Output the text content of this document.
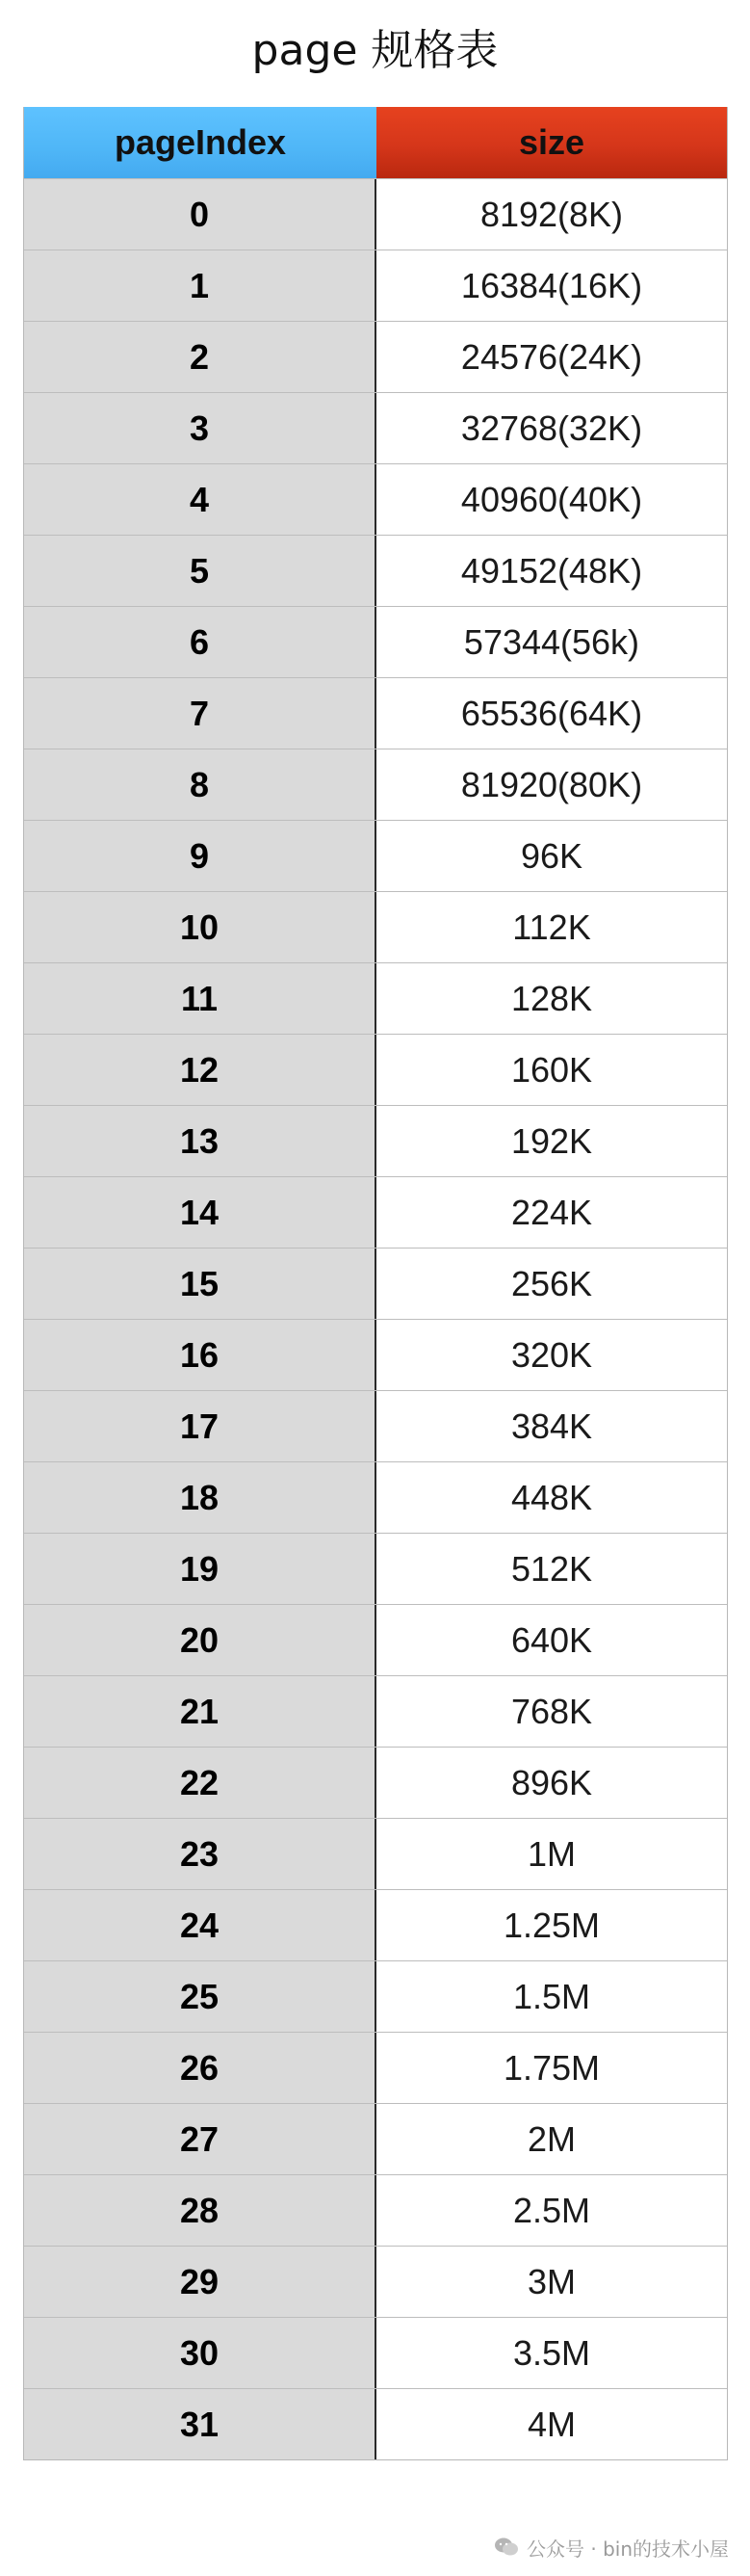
page 规格表
pageIndex	size
0	8192(8K)
1	16384(16K)
2	24576(24K)
3	32768(32K)
4	40960(40K)
5	49152(48K)
6	57344(56k)
7	65536(64K)
8	81920(80K)
9	96K
10	112K
11	128K
12	160K
13	192K
14	224K
15	256K
16	320K
17	384K
18	448K
19	512K
20	640K
21	768K
22	896K
23	1M
24	1.25M
25	1.5M
26	1.75M
27	2M
28	2.5M
29	3M
30	3.5M
31	4M
公众号 · bin的技术小屋
